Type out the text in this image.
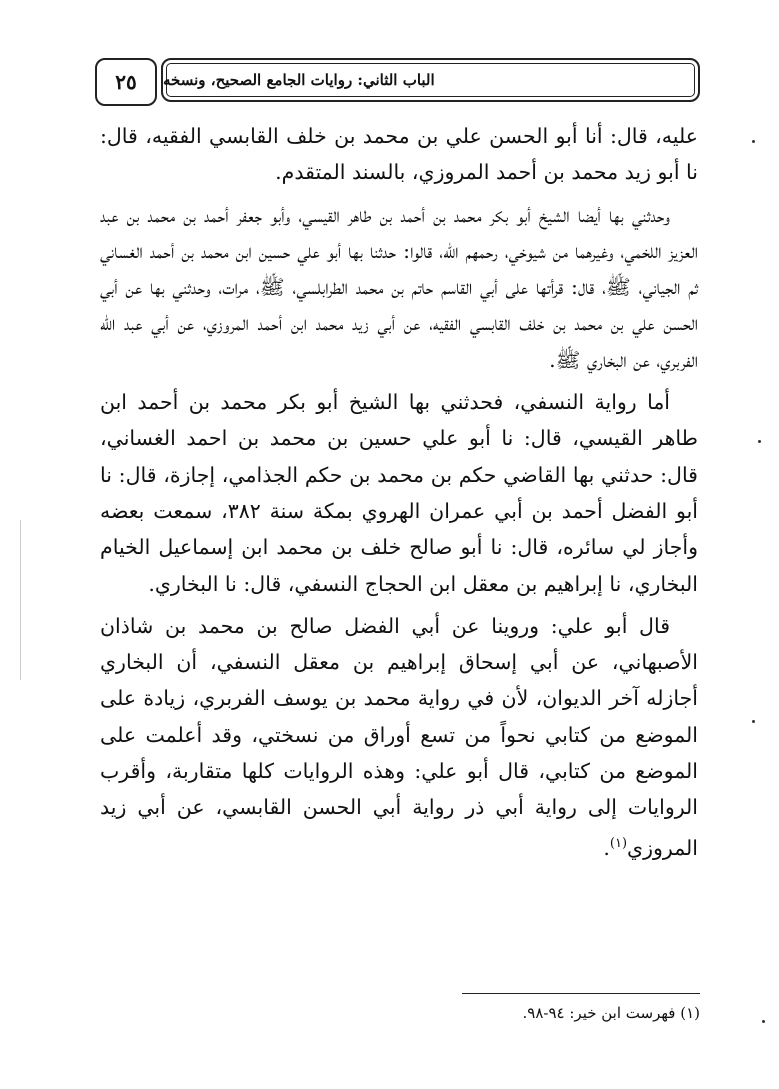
٢٥ الباب الثاني: روايات الجامع الصحيح، ونسخه

عليه، قال: أنا أبو الحسن علي بن محمد بن خلف القابسي الفقيه، قال: نا أبو زيد محمد بن أحمد المروزي، بالسند المتقدم.

وحدثني بها أيضا الشيخ أبو بكر محمد بن أحمد بن طاهر القيسي، وأبو جعفر أحمد بن محمد بن عبد العزيز اللخمي، وغيرهما من شيوخي، رحمهم الله، قالوا: حدثنا بها أبو علي حسين ابن محمد بن أحمد الغساني ثم الجياني، ﷺ، قال: قرأتها على أبي القاسم حاتم بن محمد الطرابلسي، ﷺ، مرات، وحدثني بها عن أبي الحسن علي بن محمد بن خلف القابسي الفقيه، عن أبي زيد محمد ابن أحمد المروزي، عن أبي عبد الله الفربري، عن البخاري ﷺ.

أما رواية النسفي، فحدثني بها الشيخ أبو بكر محمد بن أحمد ابن طاهر القيسي، قال: نا أبو علي حسين بن محمد بن احمد الغساني، قال: حدثني بها القاضي حكم بن محمد بن حكم الجذامي، إجازة، قال: نا أبو الفضل أحمد بن أبي عمران الهروي بمكة سنة ٣٨٢، سمعت بعضه وأجاز لي سائره، قال: نا أبو صالح خلف بن محمد ابن إسماعيل الخيام البخاري، نا إبراهيم بن معقل ابن الحجاج النسفي، قال: نا البخاري.

قال أبو علي: وروينا عن أبي الفضل صالح بن محمد بن شاذان الأصبهاني، عن أبي إسحاق إبراهيم بن معقل النسفي، أن البخاري أجازله آخر الديوان، لأن في رواية محمد بن يوسف الفربري، زيادة على الموضع من كتابي نحواً من تسع أوراق من نسختي، وقد أعلمت على الموضع من كتابي، قال أبو علي: وهذه الروايات كلها متقاربة، وأقرب الروايات إلى رواية أبي ذر رواية أبي الحسن القابسي، عن أبي زيد المروزي$^{(١)}$.

(١) فهرست ابن خير: ٩٤-٩٨.
